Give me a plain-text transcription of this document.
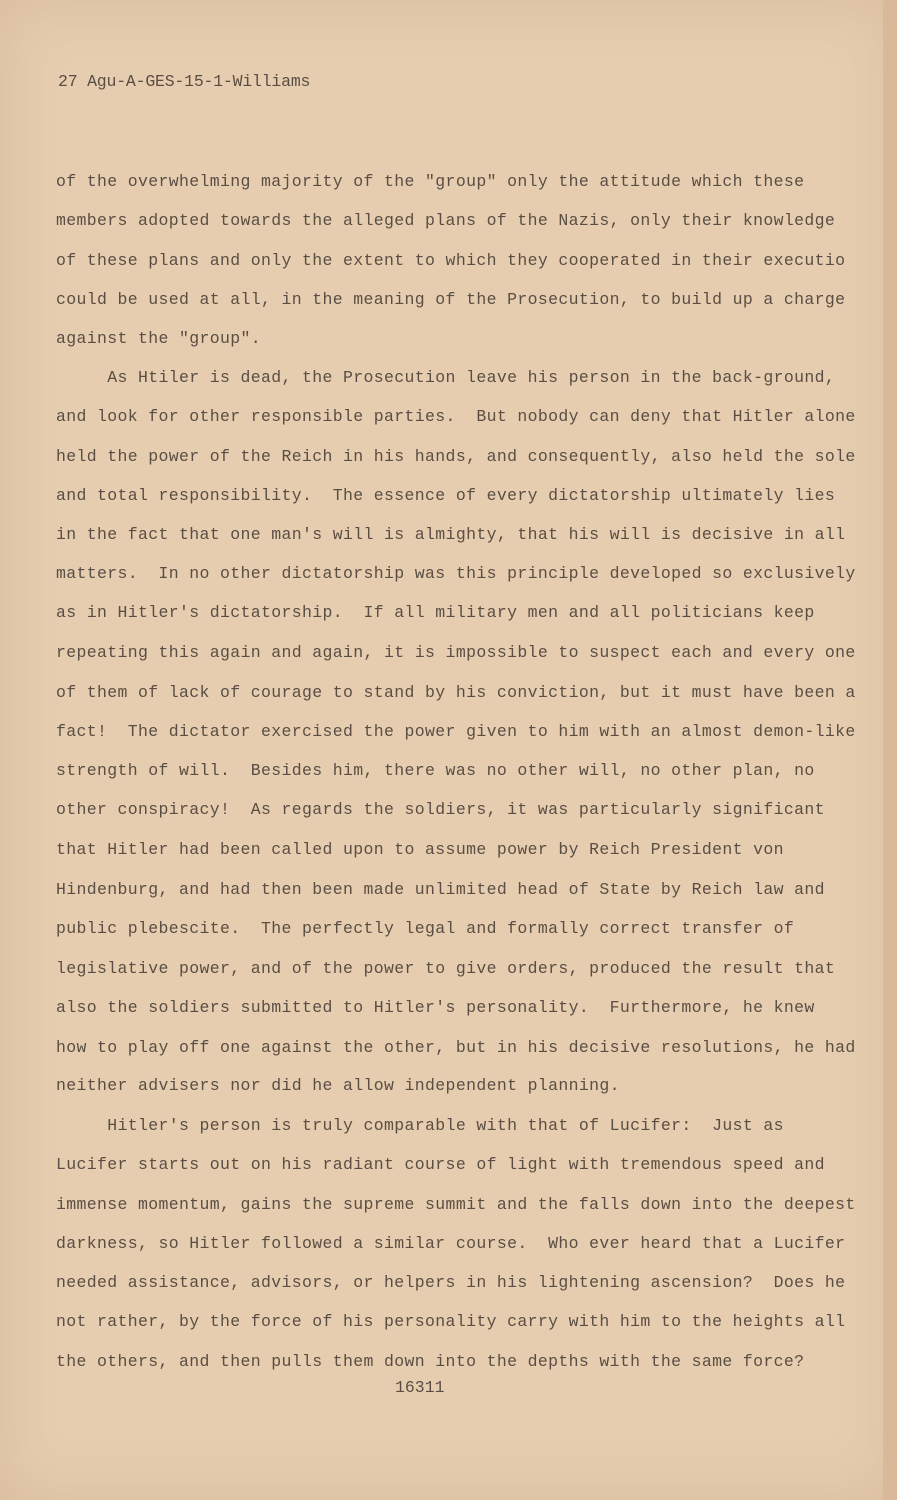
27 Agu-A-GES-15-1-Williams
of the overwhelming majority of the "group" only the attitude which these
members adopted towards the alleged plans of the Nazis, only their knowledge
of these plans and only the extent to which they cooperated in their executio
could be used at all, in the meaning of the Prosecution, to build up a charge
against the "group".
As Htiler is dead, the Prosecution leave his person in the back-ground,
and look for other responsible parties.  But nobody can deny that Hitler alone
held the power of the Reich in his hands, and consequently, also held the sole
and total responsibility.  The essence of every dictatorship ultimately lies
in the fact that one man's will is almighty, that his will is decisive in all
matters.  In no other dictatorship was this principle developed so exclusively
as in Hitler's dictatorship.  If all military men and all politicians keep
repeating this again and again, it is impossible to suspect each and every one
of them of lack of courage to stand by his conviction, but it must have been a
fact!  The dictator exercised the power given to him with an almost demon-like
strength of will.  Besides him, there was no other will, no other plan, no
other conspiracy!  As regards the soldiers, it was particularly significant
that Hitler had been called upon to assume power by Reich President von
Hindenburg, and had then been made unlimited head of State by Reich law and
public plebescite.  The perfectly legal and formally correct transfer of
legislative power, and of the power to give orders, produced the result that
also the soldiers submitted to Hitler's personality.  Furthermore, he knew
how to play off one against the other, but in his decisive resolutions, he had
neither advisers nor did he allow independent planning.
Hitler's person is truly comparable with that of Lucifer:  Just as
Lucifer starts out on his radiant course of light with tremendous speed and
immense momentum, gains the supreme summit and the falls down into the deepest
darkness, so Hitler followed a similar course.  Who ever heard that a Lucifer
needed assistance, advisors, or helpers in his lightening ascension?  Does he
not rather, by the force of his personality carry with him to the heights all
the others, and then pulls them down into the depths with the same force?
16311
